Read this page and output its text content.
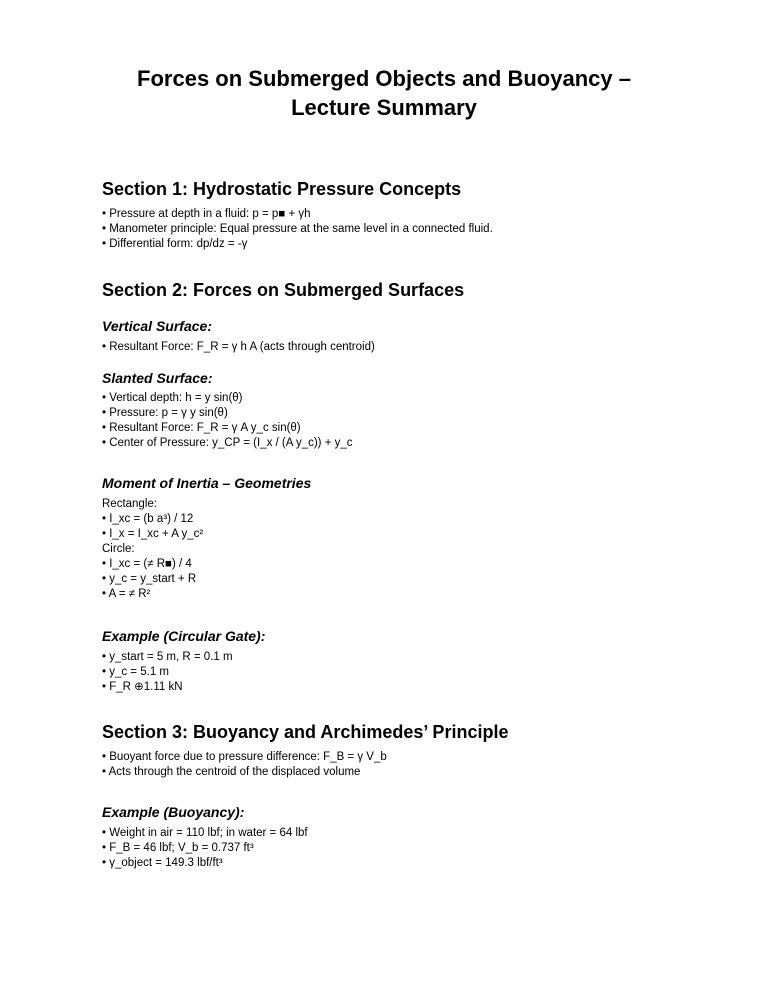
Forces on Submerged Objects and Buoyancy –
Lecture Summary
Section 1: Hydrostatic Pressure Concepts
• Pressure at depth in a fluid: p = p■ + γh
• Manometer principle: Equal pressure at the same level in a connected fluid.
• Differential form: dp/dz = -γ
Section 2: Forces on Submerged Surfaces
Vertical Surface:
• Resultant Force: F_R = γ h A (acts through centroid)
Slanted Surface:
• Vertical depth: h = y sin(θ)
• Pressure: p = γ y sin(θ)
• Resultant Force: F_R = γ A y_c sin(θ)
• Center of Pressure: y_CP = (I_x / (A y_c)) + y_c
Moment of Inertia – Geometries
Rectangle:
• I_xc = (b a³) / 12
• I_x = I_xc + A y_c²
Circle:
• I_xc = (≠ R■) / 4
• y_c = y_start + R
• A = ≠ R²
Example (Circular Gate):
• y_start = 5 m, R = 0.1 m
• y_c = 5.1 m
• F_R ⊕1.11 kN
Section 3: Buoyancy and Archimedes’ Principle
• Buoyant force due to pressure difference: F_B = γ V_b
• Acts through the centroid of the displaced volume
Example (Buoyancy):
• Weight in air = 110 lbf; in water = 64 lbf
• F_B = 46 lbf; V_b = 0.737 ft³
• γ_object = 149.3 lbf/ft³
